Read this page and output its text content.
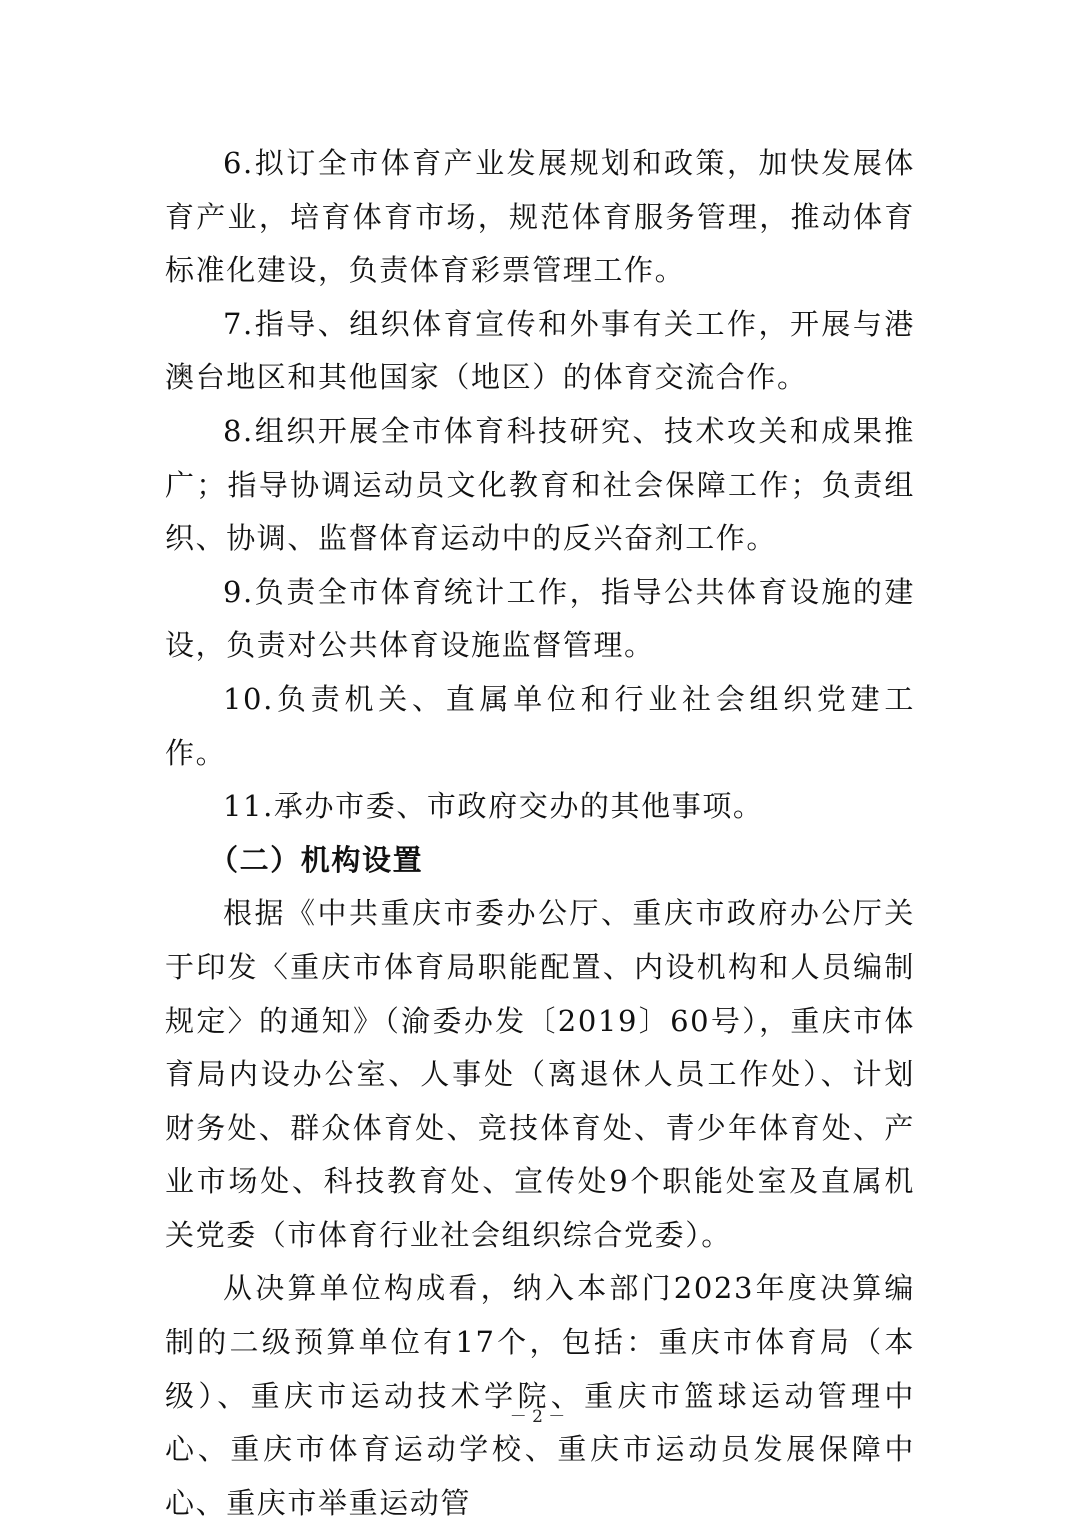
6.拟订全市体育产业发展规划和政策，加快发展体育产业，培育体育市场，规范体育服务管理，推动体育标准化建设，负责体育彩票管理工作。

7.指导、组织体育宣传和外事有关工作，开展与港澳台地区和其他国家（地区）的体育交流合作。

8.组织开展全市体育科技研究、技术攻关和成果推广；指导协调运动员文化教育和社会保障工作；负责组织、协调、监督体育运动中的反兴奋剂工作。

9.负责全市体育统计工作，指导公共体育设施的建设，负责对公共体育设施监督管理。

10.负责机关、直属单位和行业社会组织党建工作。

11.承办市委、市政府交办的其他事项。

（二）机构设置

根据《中共重庆市委办公厅、重庆市政府办公厅关于印发〈重庆市体育局职能配置、内设机构和人员编制规定〉的通知》（渝委办发〔2019〕60号），重庆市体育局内设办公室、人事处（离退休人员工作处）、计划财务处、群众体育处、竞技体育处、青少年体育处、产业市场处、科技教育处、宣传处9个职能处室及直属机关党委（市体育行业社会组织综合党委）。

从决算单位构成看，纳入本部门2023年度决算编制的二级预算单位有17个，包括：重庆市体育局（本级）、重庆市运动技术学院、重庆市篮球运动管理中心、重庆市体育运动学校、重庆市运动员发展保障中心、重庆市举重运动管

－ 2 －
